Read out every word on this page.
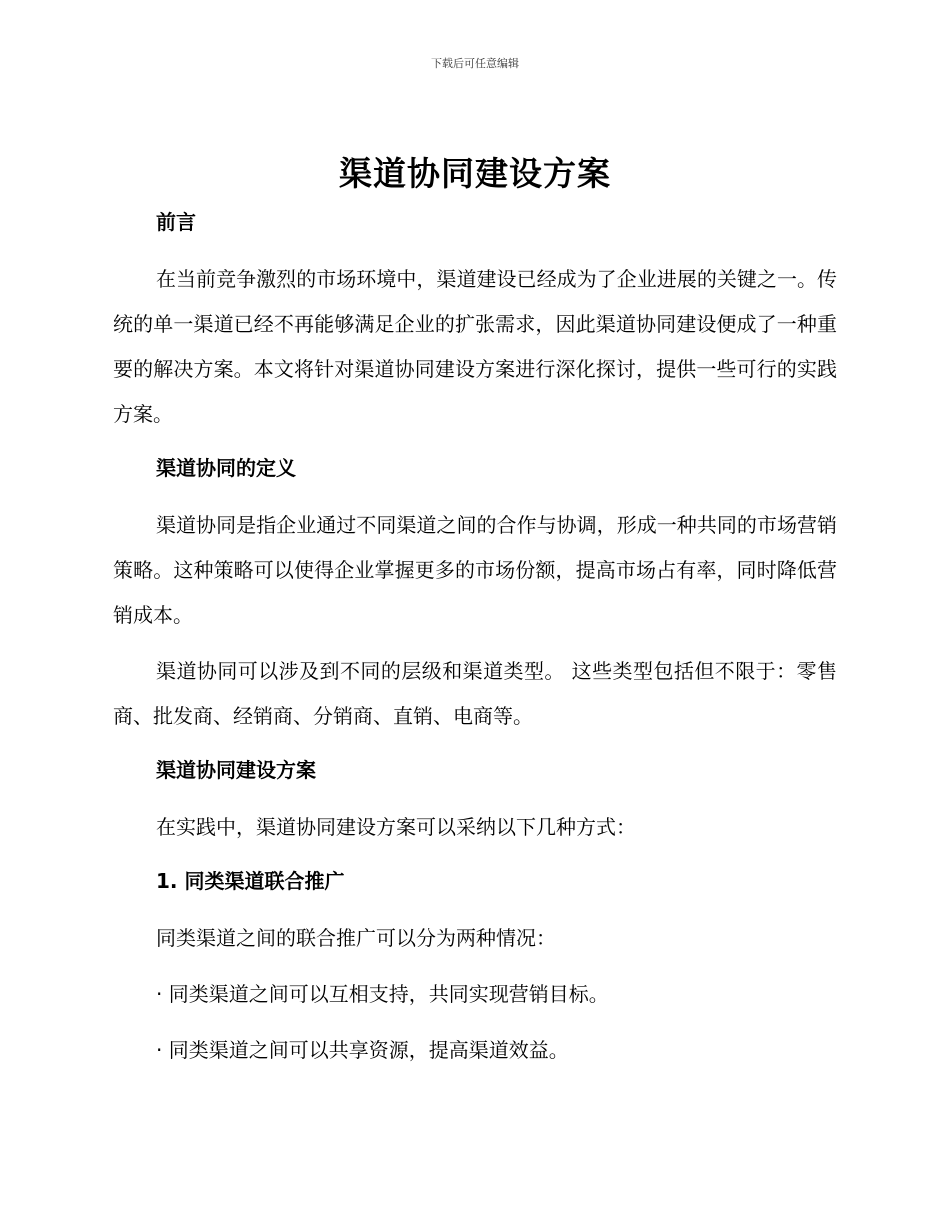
下载后可任意编辑
渠道协同建设方案

前言

在当前竞争激烈的市场环境中，渠道建设已经成为了企业进展的关键之一。传统的单一渠道已经不再能够满足企业的扩张需求，因此渠道协同建设便成了一种重要的解决方案。本文将针对渠道协同建设方案进行深化探讨，提供一些可行的实践方案。

渠道协同的定义

渠道协同是指企业通过不同渠道之间的合作与协调，形成一种共同的市场营销策略。这种策略可以使得企业掌握更多的市场份额，提高市场占有率，同时降低营销成本。

渠道协同可以涉及到不同的层级和渠道类型。 这些类型包括但不限于：零售商、批发商、经销商、分销商、直销、电商等。

渠道协同建设方案

在实践中，渠道协同建设方案可以采纳以下几种方式：

1. 同类渠道联合推广

同类渠道之间的联合推广可以分为两种情况：

· 同类渠道之间可以互相支持，共同实现营销目标。

· 同类渠道之间可以共享资源，提高渠道效益。
